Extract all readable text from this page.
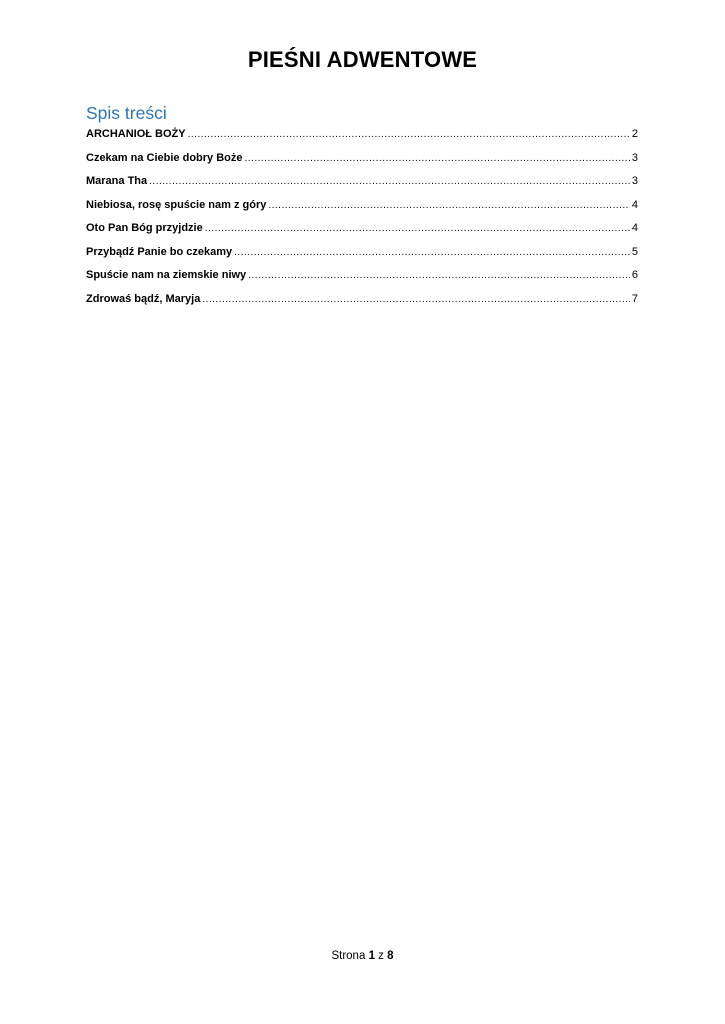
PIEŚNI ADWENTOWE
Spis treści
ARCHANIOŁ BOŻY .....	2
Czekam na Ciebie dobry Boże .....	3
Marana Tha .....	3
Niebiosa, rosę spuście nam z góry .....	4
Oto Pan Bóg przyjdzie .....	4
Przybądź Panie bo czekamy .....	5
Spuście nam na ziemskie niwy .....	6
Zdrowaś bądź, Maryja .....	7
Strona 1 z 8
